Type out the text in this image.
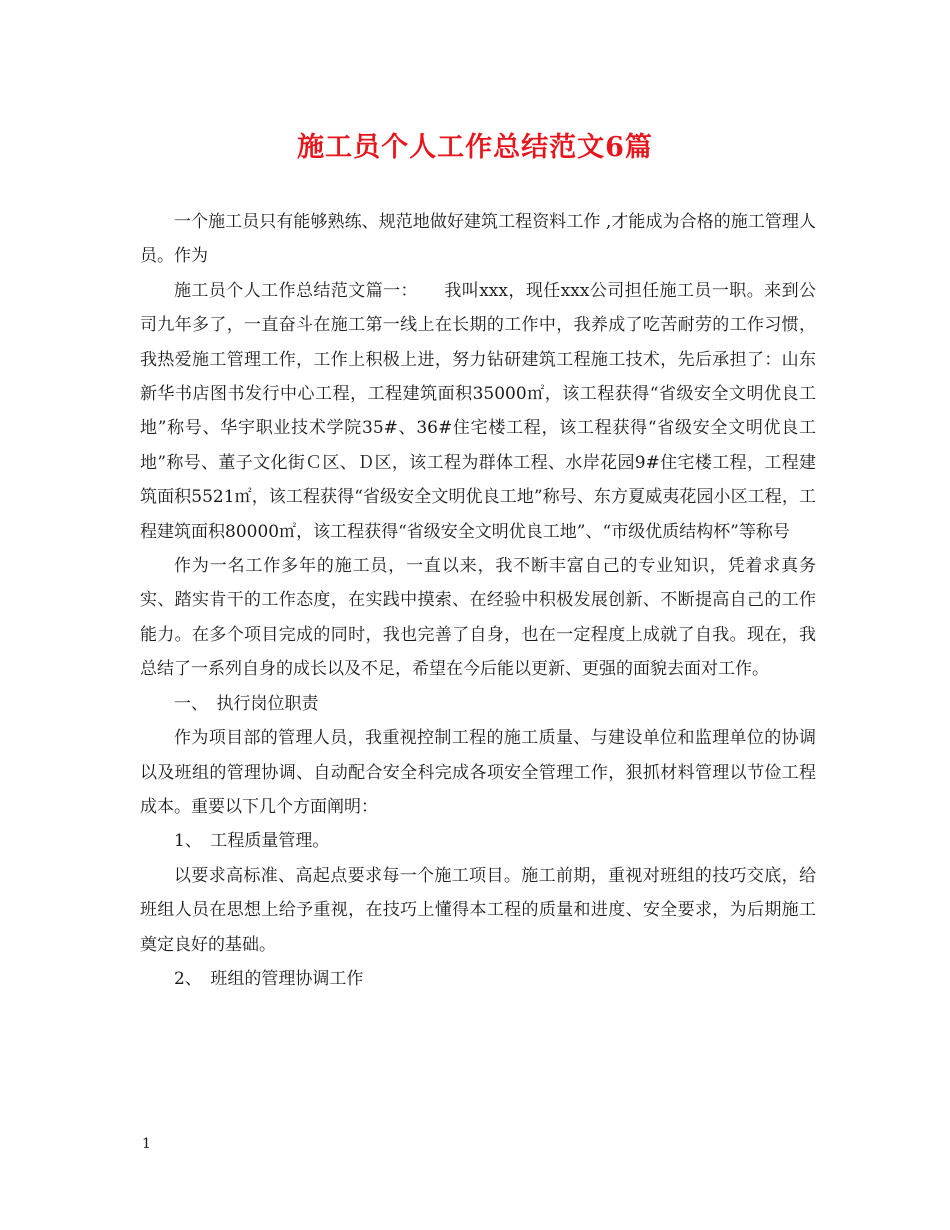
施工员个人工作总结范文6篇

一个施工员只有能够熟练、规范地做好建筑工程资料工作 ,才能成为合格的施工管理人员。作为

施工员个人工作总结范文篇一：　　我叫xxx，现任xxx公司担任施工员一职。来到公司九年多了，一直奋斗在施工第一线上在长期的工作中，我养成了吃苦耐劳的工作习惯，我热爱施工管理工作，工作上积极上进，努力钻研建筑工程施工技术，先后承担了：山东新华书店图书发行中心工程，工程建筑面积35000㎡，该工程获得“省级安全文明优良工地”称号、华宇职业技术学院35#、36#住宅楼工程，该工程获得“省级安全文明优良工地”称号、董子文化街Ｃ区、Ｄ区，该工程为群体工程、水岸花园9#住宅楼工程，工程建筑面积5521㎡，该工程获得“省级安全文明优良工地”称号、东方夏威夷花园小区工程，工程建筑面积80000㎡，该工程获得“省级安全文明优良工地”、“市级优质结构杯”等称号

作为一名工作多年的施工员，一直以来，我不断丰富自己的专业知识，凭着求真务实、踏实肯干的工作态度，在实践中摸索、在经验中积极发展创新、不断提高自己的工作能力。在多个项目完成的同时，我也完善了自身，也在一定程度上成就了自我。现在，我总结了一系列自身的成长以及不足，希望在今后能以更新、更强的面貌去面对工作。

一、　执行岗位职责

作为项目部的管理人员，我重视控制工程的施工质量、与建设单位和监理单位的协调以及班组的管理协调、自动配合安全科完成各项安全管理工作，狠抓材料管理以节俭工程成本。重要以下几个方面阐明：

1、　工程质量管理。

以要求高标准、高起点要求每一个施工项目。施工前期，重视对班组的技巧交底，给班组人员在思想上给予重视，在技巧上懂得本工程的质量和进度、安全要求，为后期施工奠定良好的基础。

2、　班组的管理协调工作

1
